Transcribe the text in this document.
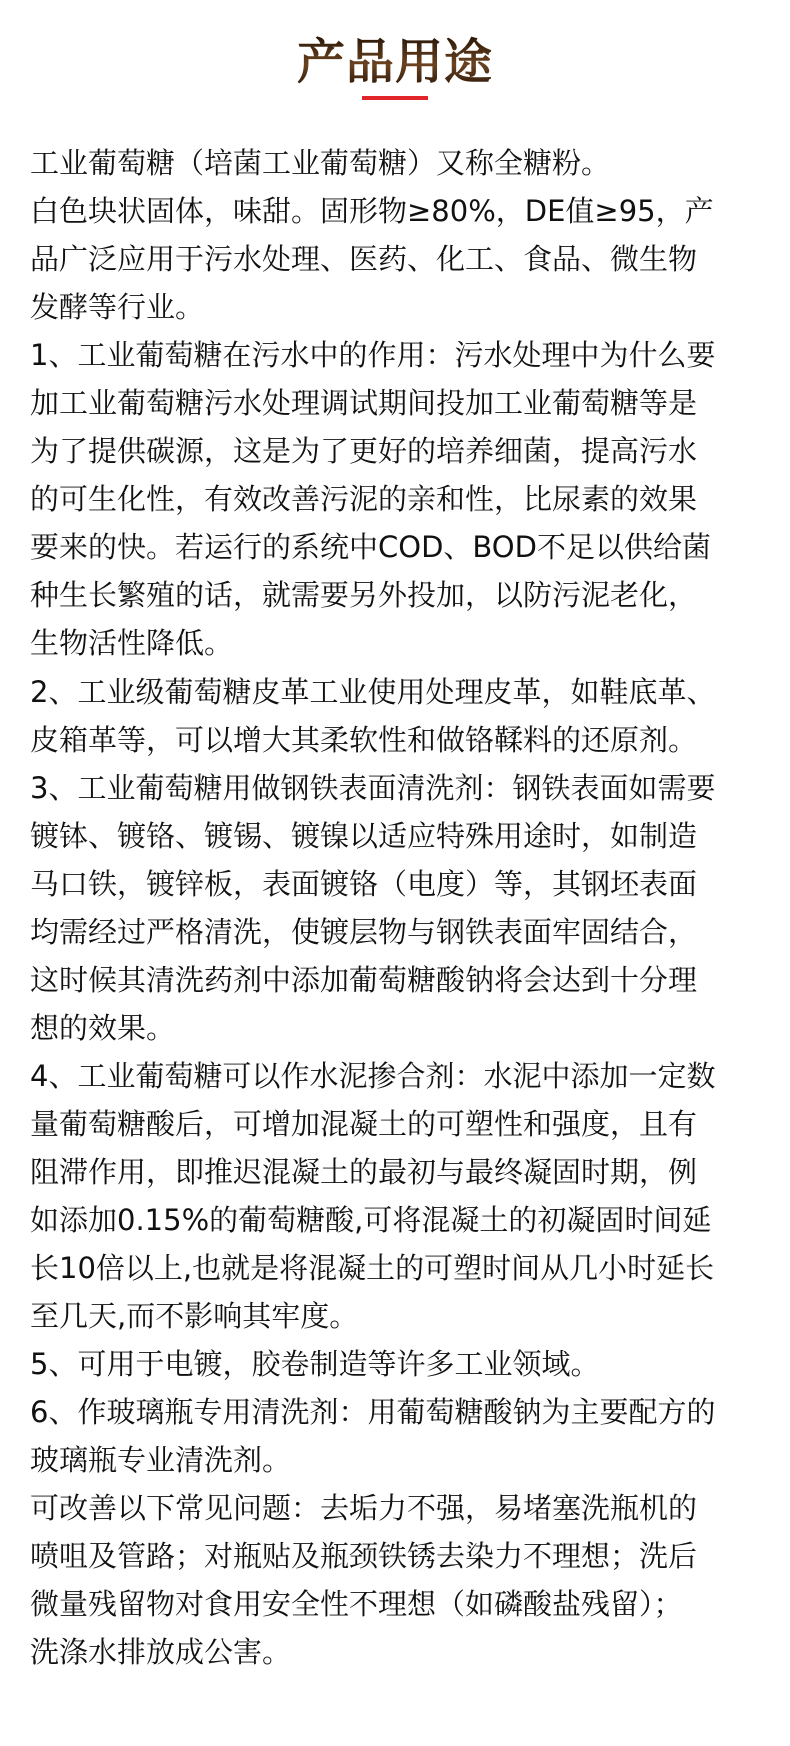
产品用途
工业葡萄糖（培菌工业葡萄糖）又称全糖粉。
白色块状固体，味甜。固形物≥80%，DE值≥95，产
品广泛应用于污水处理、医药、化工、食品、微生物
发酵等行业。
1、工业葡萄糖在污水中的作用：污水处理中为什么要
加工业葡萄糖污水处理调试期间投加工业葡萄糖等是
为了提供碳源，这是为了更好的培养细菌，提高污水
的可生化性，有效改善污泥的亲和性，比尿素的效果
要来的快。若运行的系统中COD、BOD不足以供给菌
种生长繁殖的话，就需要另外投加，以防污泥老化，
生物活性降低。
2、工业级葡萄糖皮革工业使用处理皮革，如鞋底革、
皮箱革等，可以增大其柔软性和做铬鞣料的还原剂。
3、工业葡萄糖用做钢铁表面清洗剂：钢铁表面如需要
镀钵、镀铬、镀锡、镀镍以适应特殊用途时，如制造
马口铁，镀锌板，表面镀铬（电度）等，其钢坯表面
均需经过严格清洗，使镀层物与钢铁表面牢固结合，
这时候其清洗药剂中添加葡萄糖酸钠将会达到十分理
想的效果。
4、工业葡萄糖可以作水泥掺合剂：水泥中添加一定数
量葡萄糖酸后，可增加混凝土的可塑性和强度，且有
阻滞作用，即推迟混凝土的最初与最终凝固时期，例
如添加0.15%的葡萄糖酸,可将混凝土的初凝固时间延
长10倍以上,也就是将混凝土的可塑时间从几小时延长
至几天,而不影响其牢度。
5、可用于电镀，胶卷制造等许多工业领域。
6、作玻璃瓶专用清洗剂：用葡萄糖酸钠为主要配方的
玻璃瓶专业清洗剂。
可改善以下常见问题：去垢力不强，易堵塞洗瓶机的
喷咀及管路；对瓶贴及瓶颈铁锈去染力不理想；洗后
微量残留物对食用安全性不理想（如磷酸盐残留）；
洗涤水排放成公害。
